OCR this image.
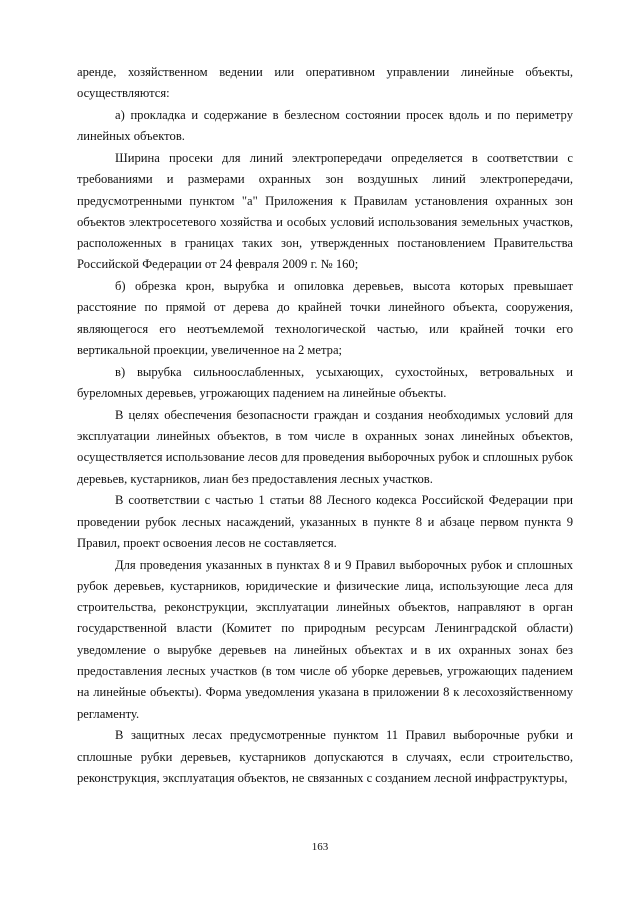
аренде, хозяйственном ведении или оперативном управлении линейные объекты, осуществляются:

а) прокладка и содержание в безлесном состоянии просек вдоль и по периметру линейных объектов.

Ширина просеки для линий электропередачи определяется в соответствии с требованиями и размерами охранных зон воздушных линий электропередачи, предусмотренными пунктом "а" Приложения к Правилам установления охранных зон объектов электросетевого хозяйства и особых условий использования земельных участков, расположенных в границах таких зон, утвержденных постановлением Правительства Российской Федерации от 24 февраля 2009 г. № 160;

б) обрезка крон, вырубка и опиловка деревьев, высота которых превышает расстояние по прямой от дерева до крайней точки линейного объекта, сооружения, являющегося его неотъемлемой технологической частью, или крайней точки его вертикальной проекции, увеличенное на 2 метра;

в) вырубка сильноослабленных, усыхающих, сухостойных, ветровальных и буреломных деревьев, угрожающих падением на линейные объекты.

В целях обеспечения безопасности граждан и создания необходимых условий для эксплуатации линейных объектов, в том числе в охранных зонах линейных объектов, осуществляется использование лесов для проведения выборочных рубок и сплошных рубок деревьев, кустарников, лиан без предоставления лесных участков.

В соответствии с частью 1 статьи 88 Лесного кодекса Российской Федерации при проведении рубок лесных насаждений, указанных в пункте 8 и абзаце первом пункта 9 Правил, проект освоения лесов не составляется.

Для проведения указанных в пунктах 8 и 9 Правил выборочных рубок и сплошных рубок деревьев, кустарников, юридические и физические лица, использующие леса для строительства, реконструкции, эксплуатации линейных объектов, направляют в орган государственной власти (Комитет по природным ресурсам Ленинградской области) уведомление о вырубке деревьев на линейных объектах и в их охранных зонах без предоставления лесных участков (в том числе об уборке деревьев, угрожающих падением на линейные объекты). Форма уведомления указана в приложении 8 к лесохозяйственному регламенту.

В защитных лесах предусмотренные пунктом 11 Правил выборочные рубки и сплошные рубки деревьев, кустарников допускаются в случаях, если строительство, реконструкция, эксплуатация объектов, не связанных с созданием лесной инфраструктуры,

163
